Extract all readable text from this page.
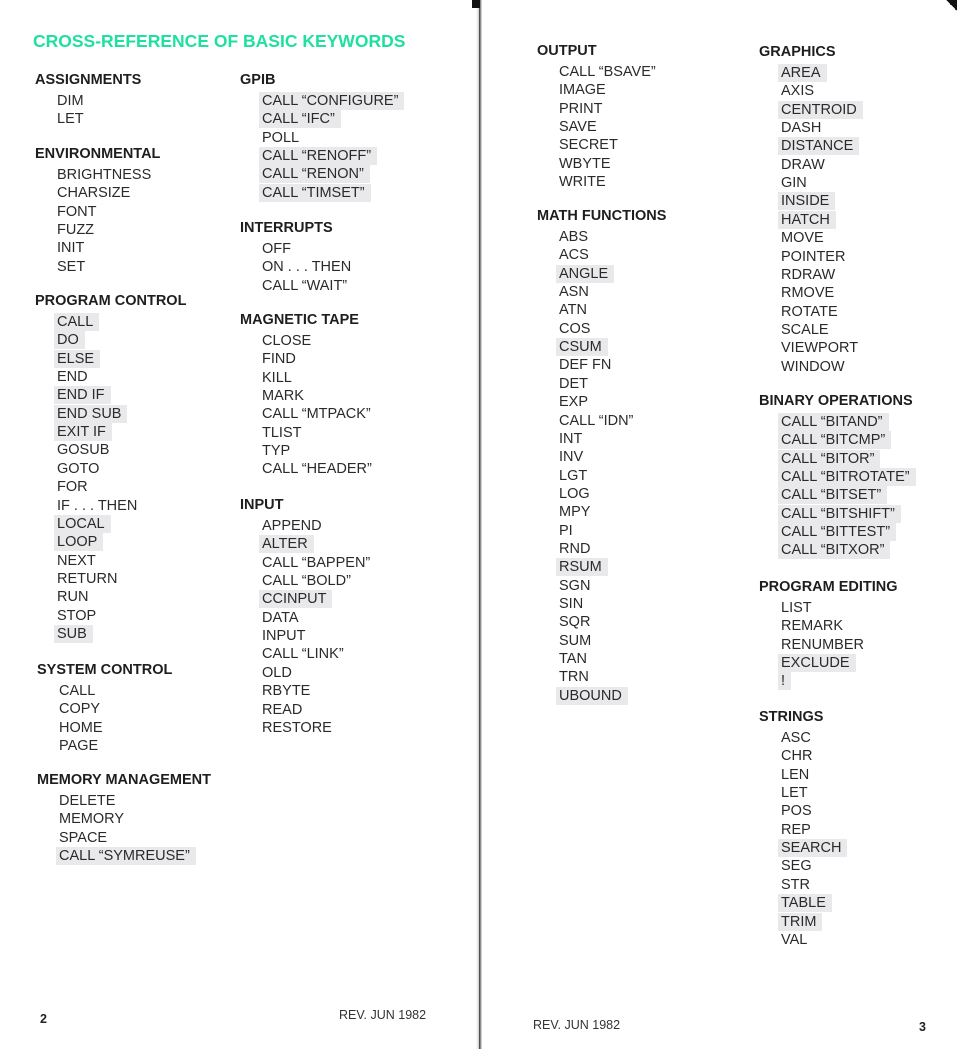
CROSS-REFERENCE OF BASIC KEYWORDS
ASSIGNMENTS
DIM
LET
ENVIRONMENTAL
BRIGHTNESS
CHARSIZE
FONT
FUZZ
INIT
SET
PROGRAM CONTROL
CALL
DO
ELSE
END
END IF
END SUB
EXIT IF
GOSUB
GOTO
FOR
IF . . . THEN
LOCAL
LOOP
NEXT
RETURN
RUN
STOP
SUB
SYSTEM CONTROL
CALL
COPY
HOME
PAGE
MEMORY MANAGEMENT
DELETE
MEMORY
SPACE
CALL “SYMREUSE”
GPIB
CALL “CONFIGURE”
CALL “IFC”
POLL
CALL “RENOFF”
CALL “RENON”
CALL “TIMSET”
INTERRUPTS
OFF
ON . . . THEN
CALL “WAIT”
MAGNETIC TAPE
CLOSE
FIND
KILL
MARK
CALL “MTPACK”
TLIST
TYP
CALL “HEADER”
INPUT
APPEND
ALTER
CALL “BAPPEN”
CALL “BOLD”
CCINPUT
DATA
INPUT
CALL “LINK”
OLD
RBYTE
READ
RESTORE
OUTPUT
CALL “BSAVE”
IMAGE
PRINT
SAVE
SECRET
WBYTE
WRITE
MATH FUNCTIONS
ABS
ACS
ANGLE
ASN
ATN
COS
CSUM
DEF FN
DET
EXP
CALL “IDN”
INT
INV
LGT
LOG
MPY
PI
RND
RSUM
SGN
SIN
SQR
SUM
TAN
TRN
UBOUND
GRAPHICS
AREA
AXIS
CENTROID
DASH
DISTANCE
DRAW
GIN
INSIDE
HATCH
MOVE
POINTER
RDRAW
RMOVE
ROTATE
SCALE
VIEWPORT
WINDOW
BINARY OPERATIONS
CALL “BITAND”
CALL “BITCMP”
CALL “BITOR”
CALL “BITROTATE”
CALL “BITSET”
CALL “BITSHIFT”
CALL “BITTEST”
CALL “BITXOR”
PROGRAM EDITING
LIST
REMARK
RENUMBER
EXCLUDE
!
STRINGS
ASC
CHR
LEN
LET
POS
REP
SEARCH
SEG
STR
TABLE
TRIM
VAL
2	REV. JUN 1982
REV. JUN 1982	3
